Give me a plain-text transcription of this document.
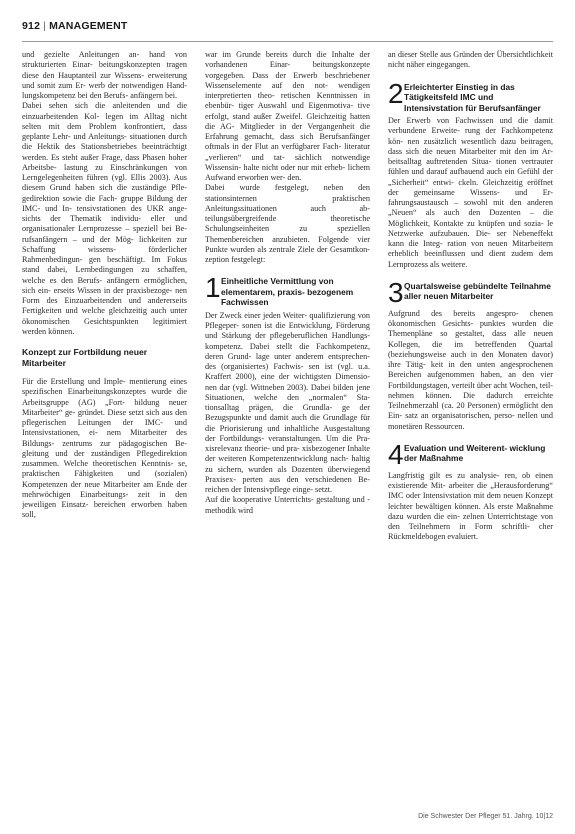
912 | MANAGEMENT

und gezielte Anleitungen an- hand von strukturierten Einar- beitungskonzepten tragen diese den Hauptanteil zur Wissens- erweiterung und somit zum Er- werb der notwendigen Hand- lungskompetenz bei den Berufs- anfängern bei.

Dabei sehen sich die anleitenden und die einzuarbeitenden Kol- legen im Alltag nicht selten mit dem Problem konfrontiert, dass geplante Lehr- und Anleitungs- situationen durch die Hektik des Stationsbetriebes beeinträchtigt werden. Es steht außer Frage, dass Phasen hoher Arbeitsbe- lastung zu Einschränkungen von Lerngelegenheiten führen (vgl. Ellis 2003). Aus diesem Grund haben sich die zuständige Pfle- gedirektion sowie die Fach- gruppe Bildung der IMC- und In- tensivstationen des UKR ange- sichts der Thematik individu- eller und organisationaler Lernprozesse – speziell bei Be- rufsanfängern – und der Mög- lichkeiten zur Schaffung wissens- förderlicher Rahmenbedingun- gen beschäftigt. Im Fokus stand dabei, Lernbedingungen zu schaffen, welche es den Berufs- anfängern ermöglichen, sich ein- erseits Wissen in der praxisbezoge- nen Form des Einzuarbeitenden und andererseits Fertigkeiten und welche gleichzeitig auch unter ökonomischen Gesichtspunkten legitimiert werden können.

Konzept zur Fortbildung neuer Mitarbeiter

Für die Erstellung und Imple- mentierung eines spezifischen Einarbeitungskonzeptes wurde die Arbeitsgruppe (AG) „Fort- bildung neuer Mitarbeiter“ ge- gründet. Diese setzt sich aus den pflegerischen Leitungen der IMC- und Intensivstationen, ei- nem Mitarbeiter des Bildungs- zentrums zur pädagogischen Be- gleitung und der zuständigen Pflegedirektion zusammen. Welche theoretischen Kenntnis- se, praktischen Fähigkeiten und (sozialen) Kompetenzen der neue Mitarbeiter am Ende der mehrwöchigen Einarbeitungs- zeit in den jeweiligen Einsatz- bereichen erworben haben soll,

war im Grunde bereits durch die Inhalte der vorhandenen Einar- beitungskonzepte vorgegeben. Dass der Erwerb beschriebener Wissenselemente auf den not- wendigen interpretierten theo- retischen Kenntnissen in ebenbür- tiger Auswahl und Eigenmotiva- tive erfolgt, stand außer Zweifel. Gleichzeitig hatten die AG- Mitglieder in der Vergangenheit die Erfahrung gemacht, dass sich Berufsanfänger oftmals in der Flut an verfügbarer Fach- literatur „verlieren“ und tat- sächlich notwendige Wissensin- halte nicht oder nur mit erheb- lichem Aufwand erworben wer- den.

Dabei wurde festgelegt, neben den stationsinternen praktischen Anleitungssituationen auch ab- teilungsübergreifende theoretische Schulungseinheiten zu speziellen Themenbereichen anzubieten. Folgende vier Punkte wurden als zentrale Ziele der Gesamtkon- zeption festgelegt:

1 Einheitliche Vermittlung von elementarem, praxis- bezogenem Fachwissen

Der Zweck einer jeden Weiter- qualifizierung von Pflegeper- sonen ist die Entwicklung, Förderung und Stärkung der pflegeberuflichen Handlungs- kompetenz. Dabei stellt die Fachkompetenz, deren Grund- lage unter anderem entsprechen- des (organisiertes) Fachwis- sen ist (vgl. u.a. Kraffert 2000), eine der wichtigsten Dimensio- nen dar (vgl. Wittneben 2003). Dabei bilden jene Situationen, welche den „normalen“ Sta- tionsalltag prägen, die Grundla- ge der Bezugspunkte und damit auch die Grundlage für die Priorisierung und inhaltliche Ausgestaltung der Fortbildungs- veranstaltungen. Um die Pra- xisrelevanz theorie- und pra- xisbezogener Inhalte der weiteren Kompetenzentwicklung nach- haltig zu sichern, wurden als Dozenten überwiegend Praxisex- perten aus den verschiedenen Be- reichen der Intensivpflege einge- setzt.

Auf die kooperative Unterrichts- gestaltung und -methodik wird

an dieser Stelle aus Gründen der Übersichtlichkeit nicht näher eingegangen.

2 Erleichterter Einstieg in das Tätigkeitsfeld IMC und Intensivstation für Berufsanfänger

Der Erwerb von Fachwissen und die damit verbundene Erweite- rung der Fachkompetenz kön- nen zusätzlich wesentlich dazu beitragen, dass sich die neuen Mitarbeiter mit den im Ar- beitsalltag auftretenden Situa- tionen vertrauter fühlen und darauf aufbauend auch ein Gefühl der „Sicherheit“ entwi- ckeln. Gleichzeitig eröffnet der gemeinsame Wissens- und Er- fahrungsaustausch – sowohl mit den anderen „Neuen“ als auch den Dozenten – die Möglichkeit, Kontakte zu knüpfen und sozia- le Netzwerke aufzubauen. Die- ser Nebeneffekt kann die Integ- ration von neuen Mitarbeitern erheblich beeinflussen und dient zudem dem Lernprozess als weitere.

3 Quartalsweise gebündelte Teilnahme aller neuen Mitarbeiter

Aufgrund des bereits angespro- chenen ökonomischen Gesichts- punktes wurden die Themenpläne so gestaltet, dass alle neuen Kollegen, die im betreffenden Quartal (beziehungsweise auch in den Monaten davor) ihre Tätig- keit in den unten angesprochenen Bereichen aufgenommen haben, an den vier Fortbildungstagen, verteilt über acht Wochen, teil- nehmen können. Die dadurch erreichte Teilnehmerzahl (ca. 20 Personen) ermöglicht den Ein- satz an organisatorischen, perso- nellen und monetären Ressourcen.

4 Evaluation und Weiterent- wicklung der Maßnahme

Langfristig gilt es zu analysie- ren, ob einen existierende Mit- arbeiter die „Herausforderung“ IMC oder Intensivstation mit dem neuen Konzept leichter bewältigen können. Als erste Maßnahme dazu wurden die ein- zelnen Unterrichtstage von den Teilnehmern in Form schriftli- cher Rückmeldebogen evaluiert.

Die Schwester Der Pfleger 51. Jahrg. 10|12
